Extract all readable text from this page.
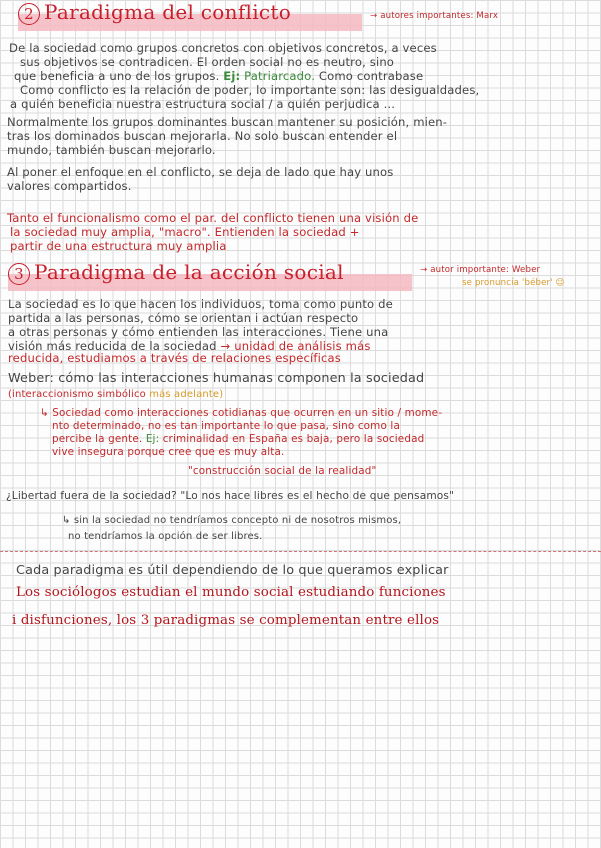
2 Paradigma del conflicto	→ autores importantes: Marx
De la sociedad como grupos concretos con objetivos concretos, a veces
sus objetivos se contradicen. El orden social no es neutro, sino
que beneficia a uno de los grupos. Ej: Patriarcado. Como contrabase
Como conflicto es la relación de poder, lo importante son: las desigualdades,
a quién beneficia nuestra estructura social / a quién perjudica ...
Normalmente los grupos dominantes buscan mantener su posición, mien-
tras los dominados buscan mejorarla. No solo buscan entender el
mundo, también buscan mejorarlo.
Al poner el enfoque en el conflicto, se deja de lado que hay unos
valores compartidos.
Tanto el funcionalismo como el par. del conflicto tienen una visión de
la sociedad muy amplia, "macro". Entienden la sociedad +
partir de una estructura muy amplia
3 Paradigma de la acción social	→ autor importante: Weber
se pronuncia 'béber' ☺
La sociedad es lo que hacen los individuos, toma como punto de
partida a las personas, cómo se orientan i actúan respecto
a otras personas y cómo entienden las interacciones. Tiene una
visión más reducida de la sociedad → unidad de análisis más
reducida, estudiamos a través de relaciones específicas
Weber: cómo las interacciones humanas componen la sociedad
(interaccionismo simbólico más adelante)
↳ Sociedad como interacciones cotidianas que ocurren en un sitio / mome-
nto determinado, no es tan importante lo que pasa, sino como la
percibe la gente. Ej: criminalidad en España es baja, pero la sociedad
vive insegura porque cree que es muy alta.
"construcción social de la realidad"
¿Libertad fuera de la sociedad? "Lo nos hace libres es el hecho de que pensamos"
↳ sin la sociedad no tendríamos concepto ni de nosotros mismos,
no tendríamos la opción de ser libres.
Cada paradigma es útil dependiendo de lo que queramos explicar
Los sociólogos estudian el mundo social estudiando funciones
i disfunciones, los 3 paradigmas se complementan entre ellos
